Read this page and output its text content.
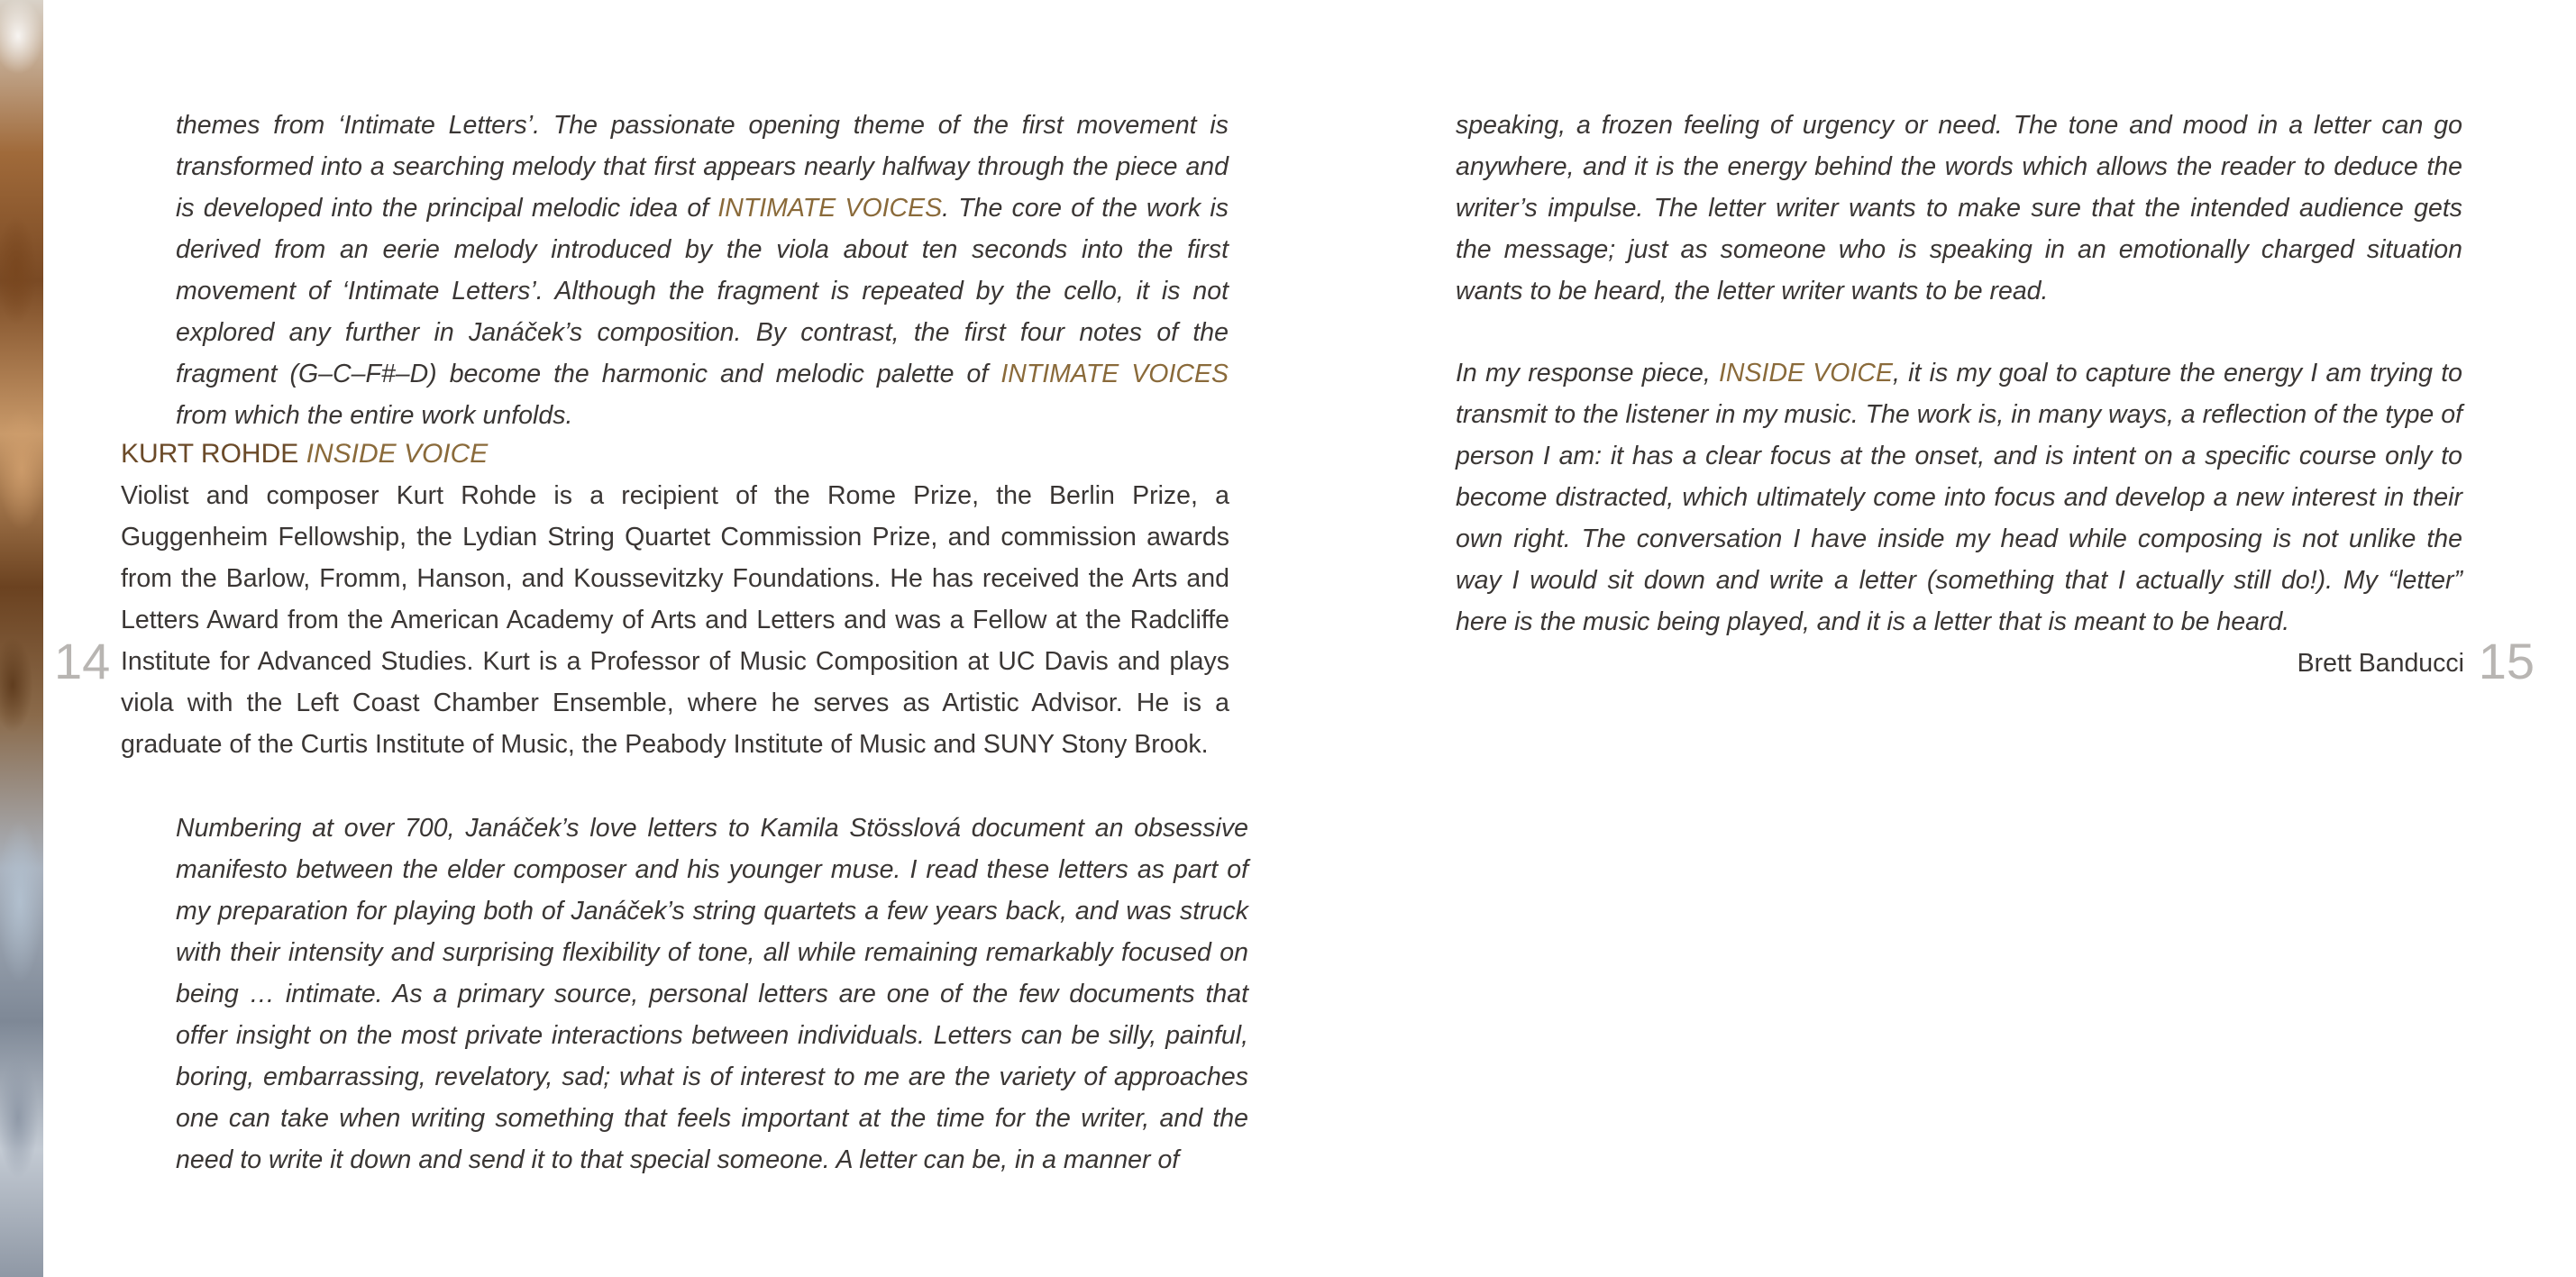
themes from ‘Intimate Letters’. The passionate opening theme of the first movement is transformed into a searching melody that first appears nearly halfway through the piece and is developed into the principal melodic idea of INTIMATE VOICES. The core of the work is derived from an eerie melody introduced by the viola about ten seconds into the first movement of ‘Intimate Letters’. Although the fragment is repeated by the cello, it is not explored any further in Janáček’s composition. By contrast, the first four notes of the fragment (G–C–F#–D) become the harmonic and melodic palette of INTIMATE VOICES from which the entire work unfolds.

KURT ROHDE INSIDE VOICE

Violist and composer Kurt Rohde is a recipient of the Rome Prize, the Berlin Prize, a Guggenheim Fellowship, the Lydian String Quartet Commission Prize, and commission awards from the Barlow, Fromm, Hanson, and Koussevitzky Foundations. He has received the Arts and Letters Award from the American Academy of Arts and Letters and was a Fellow at the Radcliffe Institute for Advanced Studies. Kurt is a Professor of Music Composition at UC Davis and plays viola with the Left Coast Chamber Ensemble, where he serves as Artistic Advisor. He is a graduate of the Curtis Institute of Music, the Peabody Institute of Music and SUNY Stony Brook.

Numbering at over 700, Janáček’s love letters to Kamila Stösslová document an obsessive manifesto between the elder composer and his younger muse. I read these letters as part of my preparation for playing both of Janáček’s string quartets a few years back, and was struck with their intensity and surprising flexibility of tone, all while remaining remarkably focused on being … intimate. As a primary source, personal letters are one of the few documents that offer insight on the most private interactions between individuals. Letters can be silly, painful, boring, embarrassing, revelatory, sad; what is of interest to me are the variety of approaches one can take when writing something that feels important at the time for the writer, and the need to write it down and send it to that special someone. A letter can be, in a manner of

14

speaking, a frozen feeling of urgency or need. The tone and mood in a letter can go anywhere, and it is the energy behind the words which allows the reader to deduce the writer’s impulse. The letter writer wants to make sure that the intended audience gets the message; just as someone who is speaking in an emotionally charged situation wants to be heard, the letter writer wants to be read.

In my response piece, INSIDE VOICE, it is my goal to capture the energy I am trying to transmit to the listener in my music. The work is, in many ways, a reflection of the type of person I am: it has a clear focus at the onset, and is intent on a specific course only to become distracted, which ultimately come into focus and develop a new interest in their own right. The conversation I have inside my head while composing is not unlike the way I would sit down and write a letter (something that I actually still do!). My “letter” here is the music being played, and it is a letter that is meant to be heard.

Brett Banducci 15
